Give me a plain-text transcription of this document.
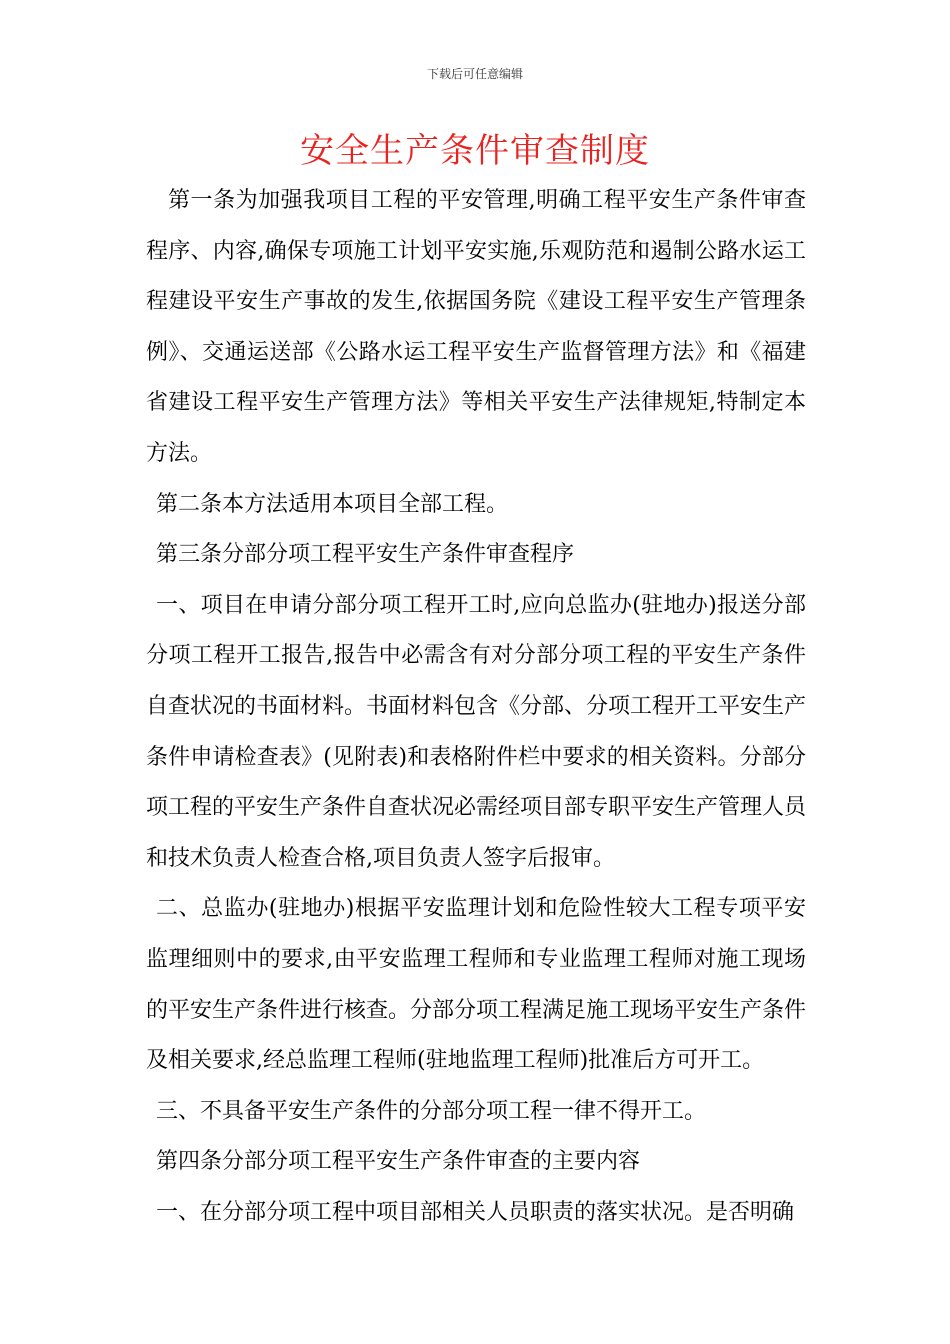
下载后可任意编辑
安全生产条件审查制度

第一条为加强我项目工程的平安管理,明确工程平安生产条件审查程序、内容,确保专项施工计划平安实施,乐观防范和遏制公路水运工程建设平安生产事故的发生,依据国务院《建设工程平安生产管理条例》、交通运送部《公路水运工程平安生产监督管理方法》和《福建省建设工程平安生产管理方法》等相关平安生产法律规矩,特制定本方法。

第二条本方法适用本项目全部工程。

第三条分部分项工程平安生产条件审查程序

一、项目在申请分部分项工程开工时,应向总监办(驻地办)报送分部分项工程开工报告,报告中必需含有对分部分项工程的平安生产条件自查状况的书面材料。书面材料包含《分部、分项工程开工平安生产条件申请检查表》(见附表)和表格附件栏中要求的相关资料。分部分项工程的平安生产条件自查状况必需经项目部专职平安生产管理人员和技术负责人检查合格,项目负责人签字后报审。

二、总监办(驻地办)根据平安监理计划和危险性较大工程专项平安监理细则中的要求,由平安监理工程师和专业监理工程师对施工现场的平安生产条件进行核查。分部分项工程满足施工现场平安生产条件及相关要求,经总监理工程师(驻地监理工程师)批准后方可开工。

三、不具备平安生产条件的分部分项工程一律不得开工。

第四条分部分项工程平安生产条件审查的主要内容

一、在分部分项工程中项目部相关人员职责的落实状况。是否明确
